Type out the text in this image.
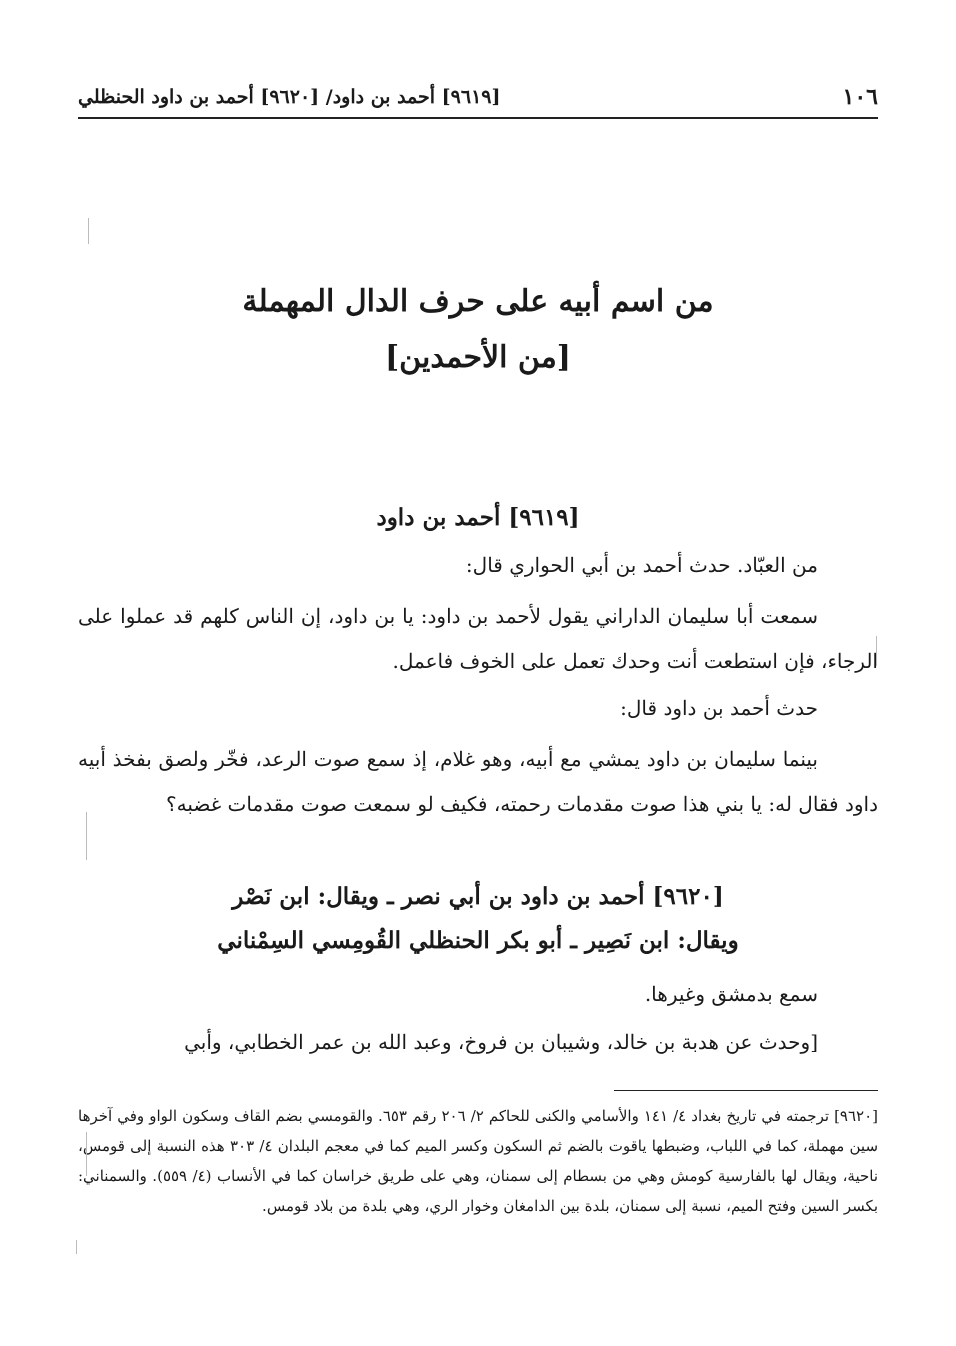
١٠٦
[٩٦١٩] أحمد بن داود/ [٩٦٢٠] أحمد بن داود الحنظلي
من اسم أبيه على حرف الدال المهملة
[من الأحمدين]
[٩٦١٩] أحمد بن داود
من العبّاد. حدث أحمد بن أبي الحواري قال:
سمعت أبا سليمان الداراني يقول لأحمد بن داود: يا بن داود، إن الناس كلهم قد عملوا على الرجاء، فإن استطعت أنت وحدك تعمل على الخوف فاعمل.
حدث أحمد بن داود قال:
بينما سليمان بن داود يمشي مع أبيه، وهو غلام، إذ سمع صوت الرعد، فخّر ولصق بفخذ أبيه داود فقال له: يا بني هذا صوت مقدمات رحمته، فكيف لو سمعت صوت مقدمات غضبه؟
[٩٦٢٠] أحمد بن داود بن أبي نصر ـ ويقال: ابن نَصْر
ويقال: ابن نَصِير ـ أبو بكر الحنظلي القُومِسي السِمْناني
سمع بدمشق وغيرها.
[وحدث عن هدبة بن خالد، وشيبان بن فروخ، وعبد الله بن عمر الخطابي، وأبي
[٩٦٢٠] ترجمته في تاريخ بغداد ٤/ ١٤١ والأسامي والكنى للحاكم ٢/ ٢٠٦ رقم ٦٥٣. والقومسي بضم القاف وسكون الواو وفي آخرها سين مهملة، كما في اللباب، وضبطها ياقوت بالضم ثم السكون وكسر الميم كما في معجم البلدان ٤/ ٣٠٣ هذه النسبة إلى قومس، ناحية، ويقال لها بالفارسية كومش وهي من بسطام إلى سمنان، وهي على طريق خراسان كما في الأنساب (٤/ ٥٥٩). والسمناني: بكسر السين وفتح الميم، نسبة إلى سمنان، بلدة بين الدامغان وخوار الري، وهي بلدة من بلاد قومس.
